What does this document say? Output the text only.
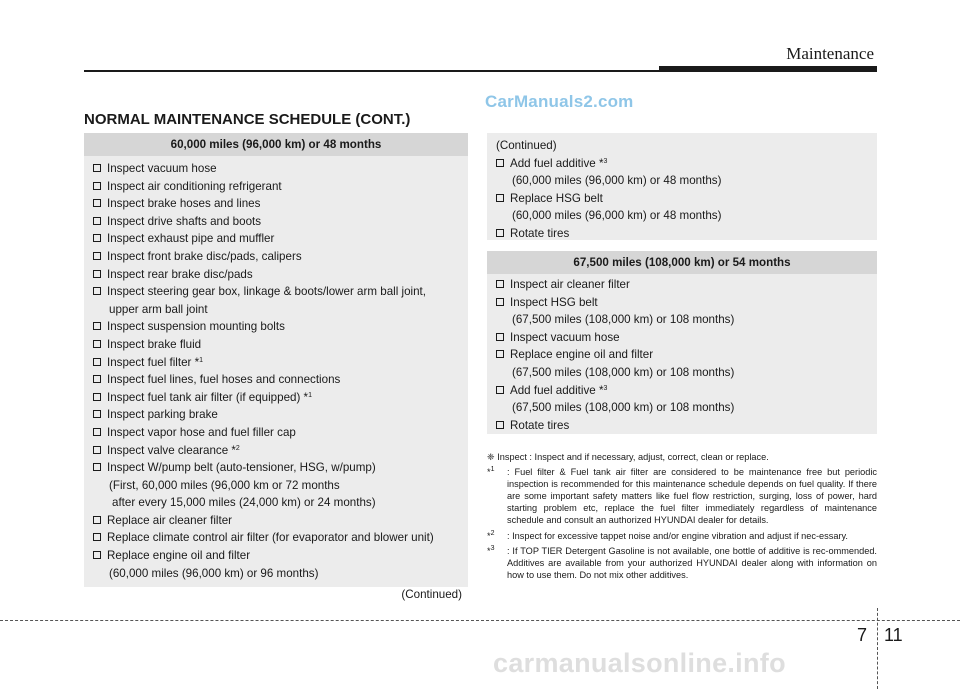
Maintenance
CarManuals2.com
NORMAL MAINTENANCE SCHEDULE (CONT.)
60,000 miles (96,000 km) or 48 months
Inspect vacuum hose
Inspect air conditioning refrigerant
Inspect brake hoses and lines
Inspect drive shafts and boots
Inspect exhaust pipe and muffler
Inspect front brake disc/pads, calipers
Inspect rear brake disc/pads
Inspect steering gear box, linkage & boots/lower arm ball joint,
upper arm ball joint
Inspect suspension mounting bolts
Inspect brake fluid
Inspect fuel filter *$^1$
Inspect fuel lines, fuel hoses and connections
Inspect fuel tank air filter (if equipped) *$^1$
Inspect parking brake
Inspect vapor hose and fuel filler cap
Inspect valve clearance *$^2$
Inspect W/pump belt (auto-tensioner, HSG, w/pump)
(First, 60,000 miles (96,000 km or 72 months
after every 15,000 miles (24,000 km) or 24 months)
Replace air cleaner filter
Replace climate control air filter (for evaporator and blower unit)
Replace engine oil and filter
(60,000 miles (96,000 km) or 96 months)
(Continued)
(Continued)
Add fuel additive *$^3$
(60,000 miles (96,000 km) or 48 months)
Replace HSG belt
(60,000 miles (96,000 km) or 48 months)
Rotate tires
67,500 miles (108,000 km) or 54 months
Inspect air cleaner filter
Inspect HSG belt
(67,500 miles (108,000 km) or 108 months)
Inspect vacuum hose
Replace engine oil and filter
(67,500 miles (108,000 km) or 108 months)
Add fuel additive *$^3$
(67,500 miles (108,000 km) or 108 months)
Rotate tires
❈ Inspect : Inspect and if necessary, adjust, correct, clean or replace.
*$^1$ : Fuel filter & Fuel tank air filter are considered to be maintenance free but periodic inspection is recommended for this maintenance schedule depends on fuel quality. If there are some important safety matters like fuel flow restriction, surging, loss of power, hard starting problem etc, replace the fuel filter immediately regardless of maintenance schedule and consult an authorized HYUNDAI dealer for details.
*$^2$ : Inspect for excessive tappet noise and/or engine vibration and adjust if nec-essary.
*$^3$ : If TOP TIER Detergent Gasoline is not available, one bottle of additive is rec-ommended. Additives are available from your authorized HYUNDAI dealer along with information on how to use them. Do not mix other additives.
7 11
carmanualsonline.info
